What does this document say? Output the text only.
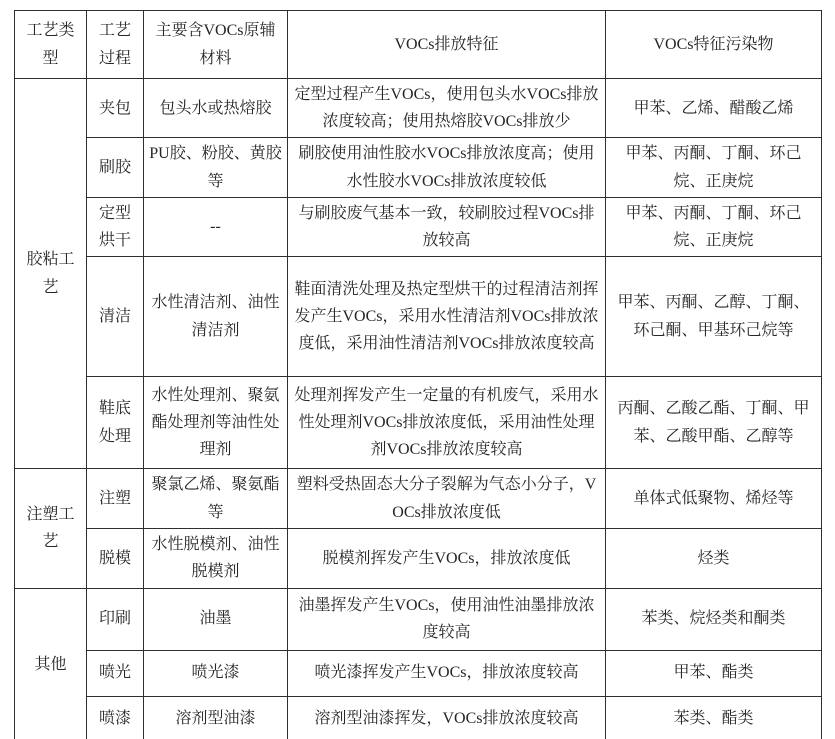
工艺类型	工艺过程	主要含VOCs原辅材料	VOCs排放特征	VOCs特征污染物
胶粘工艺	夹包	包头水或热熔胶	定型过程产生VOCs，使用包头水VOCs排放浓度较高；使用热熔胶VOCs排放少	甲苯、乙烯、醋酸乙烯
	刷胶	PU胶、粉胶、黄胶等	刷胶使用油性胶水VOCs排放浓度高；使用水性胶水VOCs排放浓度较低	甲苯、丙酮、丁酮、环己烷、正庚烷
	定型烘干	--	与刷胶废气基本一致，较刷胶过程VOCs排放较高	甲苯、丙酮、丁酮、环己烷、正庚烷
	清洁	水性清洁剂、油性清洁剂	鞋面清洗处理及热定型烘干的过程清洁剂挥发产生VOCs，采用水性清洁剂VOCs排放浓度低，采用油性清洁剂VOCs排放浓度较高	甲苯、丙酮、乙醇、丁酮、环己酮、甲基环己烷等
	鞋底处理	水性处理剂、聚氨酯处理剂等油性处理剂	处理剂挥发产生一定量的有机废气，采用水性处理剂VOCs排放浓度低，采用油性处理剂VOCs排放浓度较高	丙酮、乙酸乙酯、丁酮、甲苯、乙酸甲酯、乙醇等
注塑工艺	注塑	聚氯乙烯、聚氨酯等	塑料受热固态大分子裂解为气态小分子，VOCs排放浓度低	单体式低聚物、烯烃等
	脱模	水性脱模剂、油性脱模剂	脱模剂挥发产生VOCs，排放浓度低	烃类
其他	印刷	油墨	油墨挥发产生VOCs，使用油性油墨排放浓度较高	苯类、烷烃类和酮类
	喷光	喷光漆	喷光漆挥发产生VOCs，排放浓度较高	甲苯、酯类
	喷漆	溶剂型油漆	溶剂型油漆挥发，VOCs排放浓度较高	苯类、酯类
